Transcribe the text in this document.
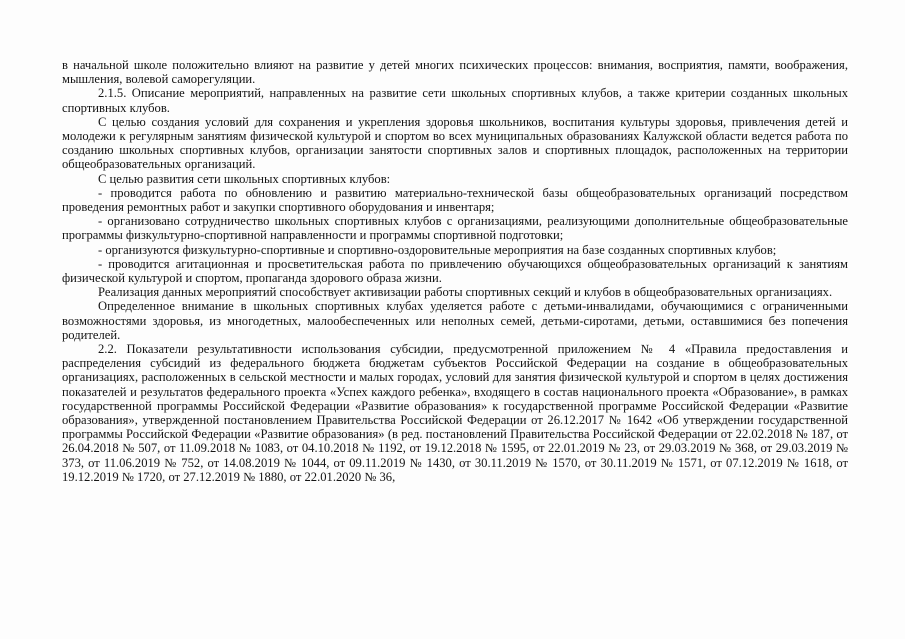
в начальной школе положительно влияют на развитие у детей многих психических процессов: внимания, восприятия, памяти, воображения, мышления, волевой саморегуляции.

2.1.5. Описание мероприятий, направленных на развитие сети школьных спортивных клубов, а также критерии созданных школьных спортивных клубов.

С целью создания условий для сохранения и укрепления здоровья школьников, воспитания культуры здоровья, привлечения детей и молодежи к регулярным занятиям физической культурой и спортом во всех муниципальных образованиях Калужской области ведется работа по созданию школьных спортивных клубов, организации занятости спортивных залов и спортивных площадок, расположенных на территории общеобразовательных организаций.

С целью развития сети школьных спортивных клубов:

- проводится работа по обновлению и развитию материально-технической базы общеобразовательных организаций посредством проведения ремонтных работ и закупки спортивного оборудования и инвентаря;

- организовано сотрудничество школьных спортивных клубов с организациями, реализующими дополнительные общеобразовательные программы физкультурно-спортивной направленности и программы спортивной подготовки;

- организуются физкультурно-спортивные и спортивно-оздоровительные мероприятия на базе созданных спортивных клубов;

- проводится агитационная и просветительская работа по привлечению обучающихся общеобразовательных организаций к занятиям физической культурой и спортом, пропаганда здорового образа жизни.

Реализация данных мероприятий способствует активизации работы спортивных секций и клубов в общеобразовательных организациях.

Определенное внимание в школьных спортивных клубах уделяется работе с детьми-инвалидами, обучающимися с ограниченными возможностями здоровья, из многодетных, малообеспеченных или неполных семей, детьми-сиротами, детьми, оставшимися без попечения родителей.

2.2. Показатели результативности использования субсидии, предусмотренной приложением № 4 «Правила предоставления и распределения субсидий из федерального бюджета бюджетам субъектов Российской Федерации на создание в общеобразовательных организациях, расположенных в сельской местности и малых городах, условий для занятия физической культурой и спортом в целях достижения показателей и результатов федерального проекта «Успех каждого ребенка», входящего в состав национального проекта «Образование», в рамках государственной программы Российской Федерации «Развитие образования» к государственной программе Российской Федерации «Развитие образования», утвержденной постановлением Правительства Российской Федерации от 26.12.2017 № 1642 «Об утверждении государственной программы Российской Федерации «Развитие образования» (в ред. постановлений Правительства Российской Федерации от 22.02.2018 № 187, от 26.04.2018 № 507, от 11.09.2018 № 1083, от 04.10.2018 № 1192, от 19.12.2018 № 1595, от 22.01.2019 № 23, от 29.03.2019 № 368, от 29.03.2019 № 373, от 11.06.2019 № 752, от 14.08.2019 № 1044, от 09.11.2019 № 1430, от 30.11.2019 № 1570, от 30.11.2019 № 1571, от 07.12.2019 № 1618, от 19.12.2019 № 1720, от 27.12.2019 № 1880, от 22.01.2020 № 36,
